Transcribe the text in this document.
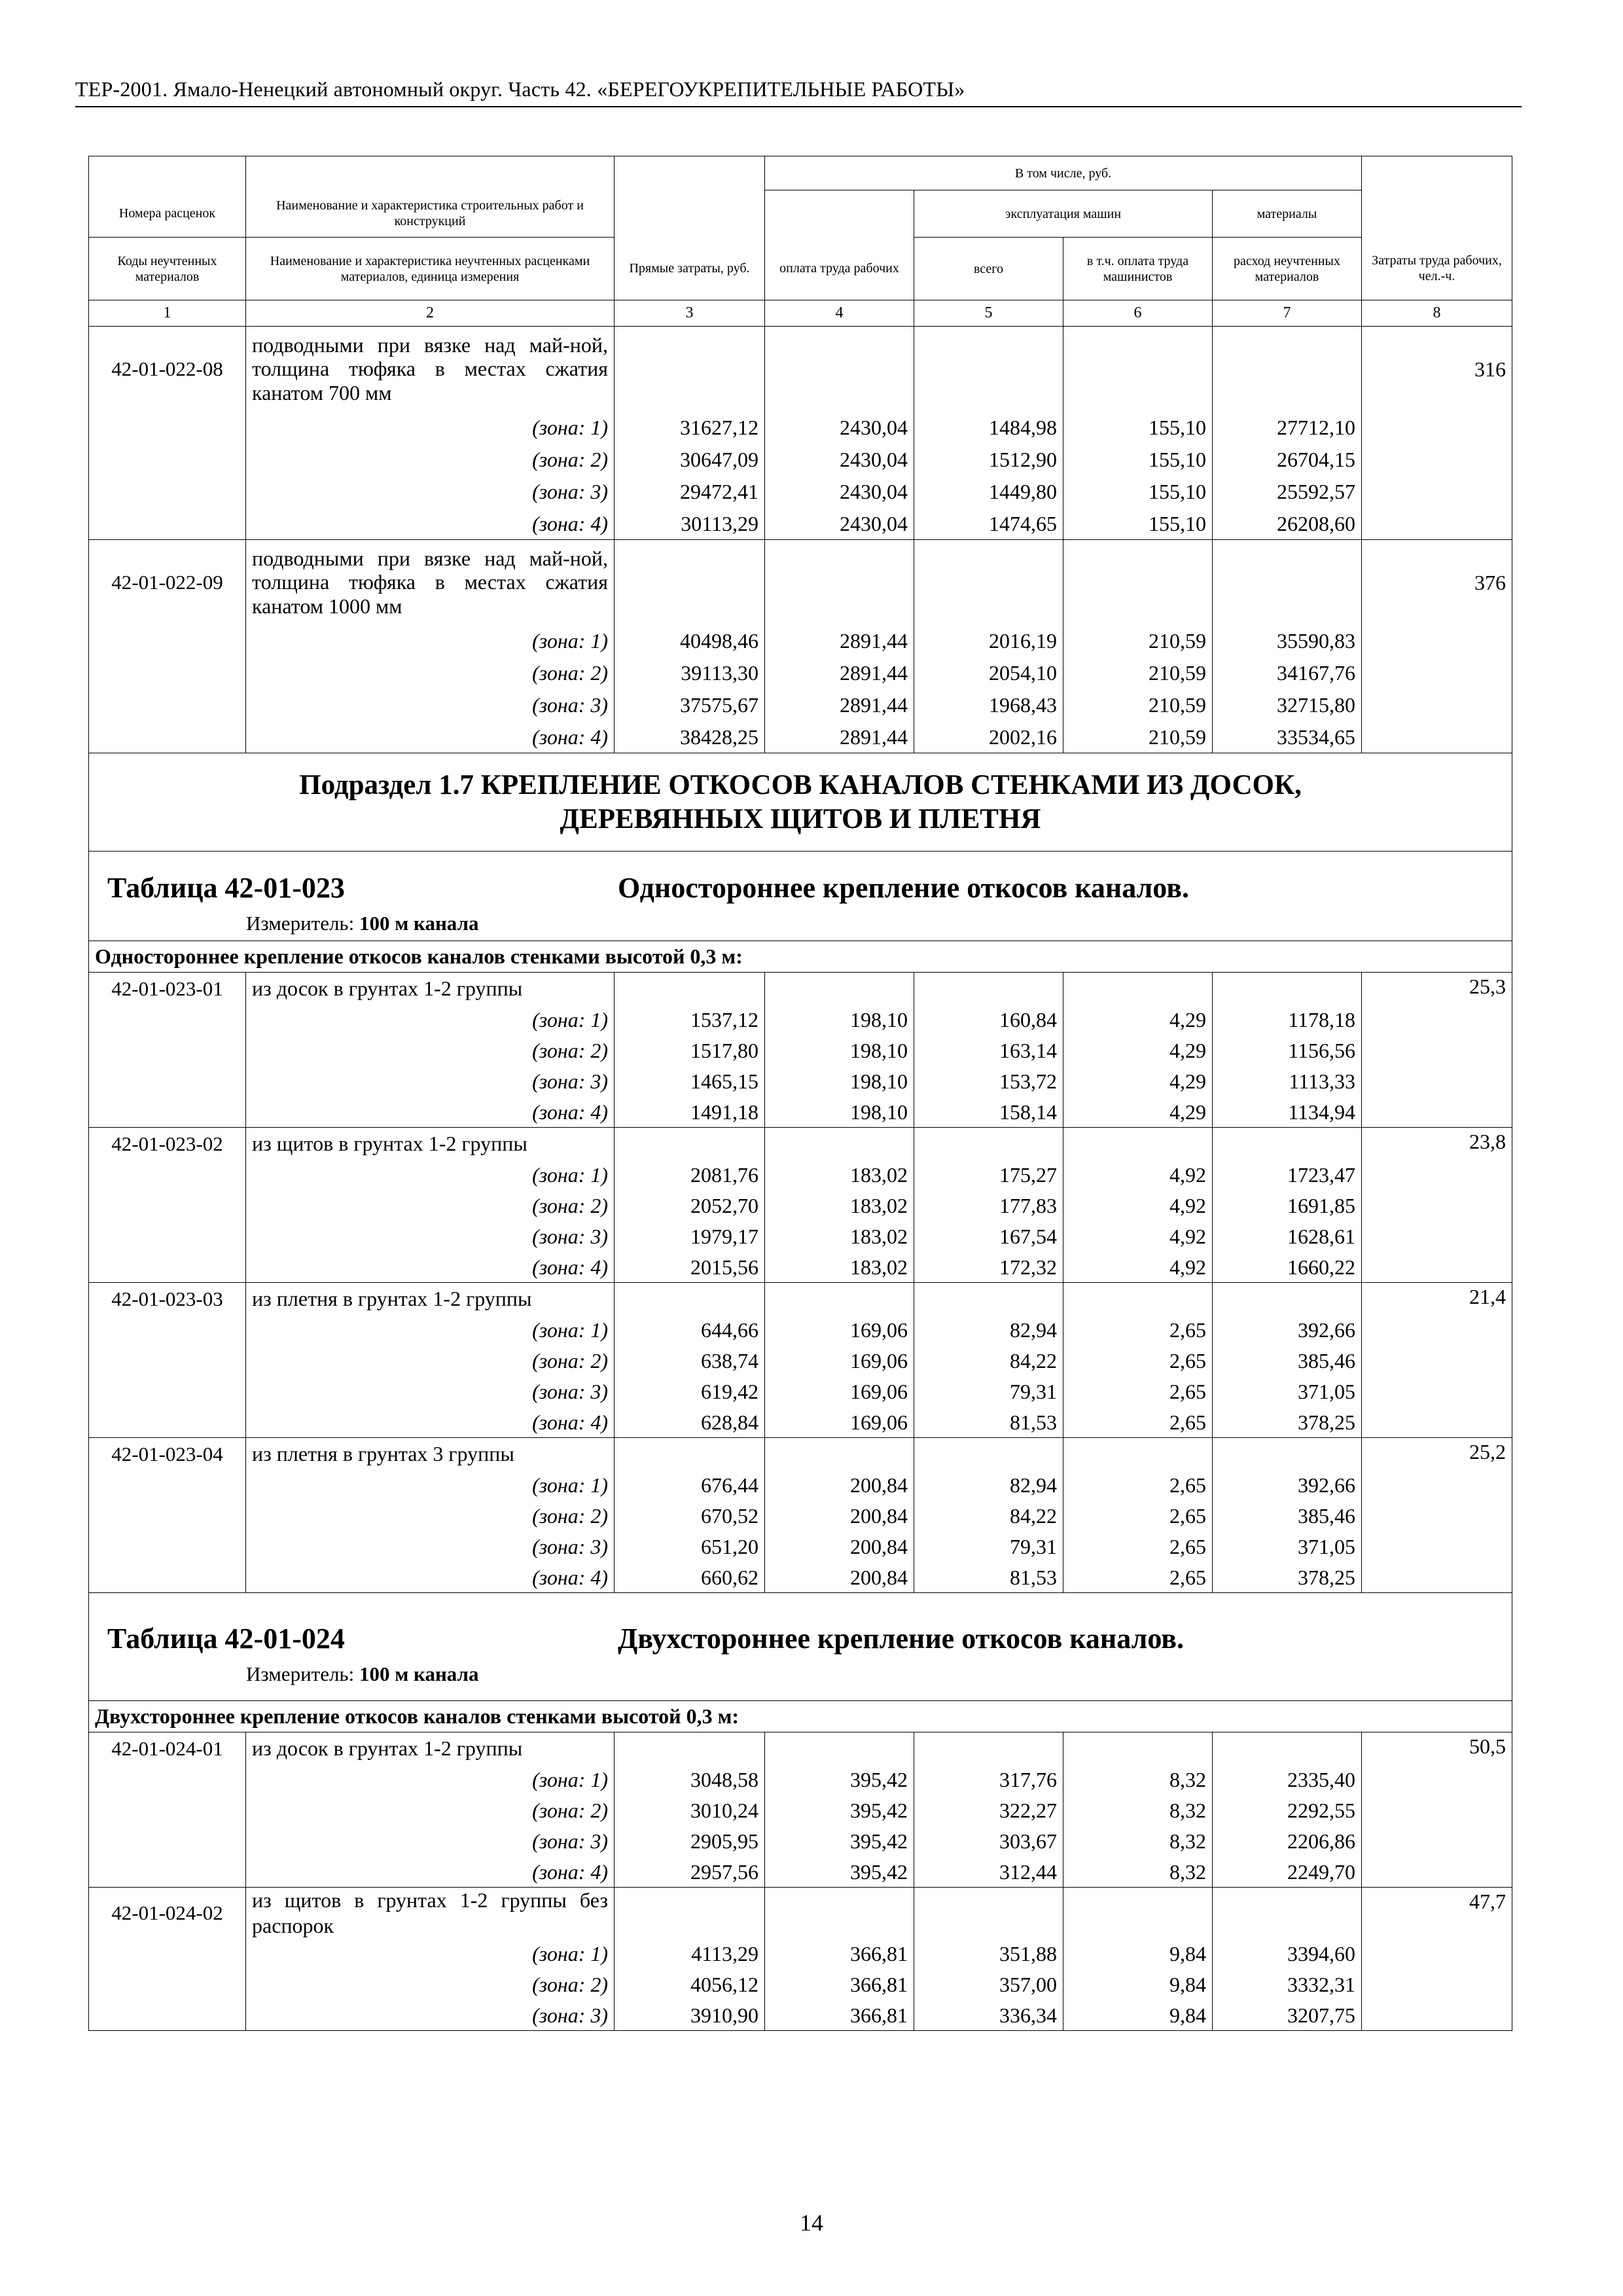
ТЕР-2001. Ямало-Ненецкий автономный округ. Часть 42. «БЕРЕГОУКРЕПИТЕЛЬНЫЕ РАБОТЫ»
			В том числе, руб.				
Номера расценок	Наименование и характеристика строительных работ и конструкций			эксплуатация машин		материалы	
Коды неучтенных материалов	Наименование и характеристика неучтенных расценками материалов, единица измерения	Прямые затраты, руб.	оплата труда рабочих	всего	в т.ч. оплата труда машинистов	расход неучтенных материалов	Затраты труда рабочих, чел.-ч.
1	2	3	4	5	6	7	8
42-01-022-08	подводными при вязке над май-ной, толщина тюфяка в местах сжатия канатом 700 мм						316
	(зона: 1)	31627,12	2430,04	1484,98	155,10	27712,10	
	(зона: 2)	30647,09	2430,04	1512,90	155,10	26704,15	
	(зона: 3)	29472,41	2430,04	1449,80	155,10	25592,57	
	(зона: 4)	30113,29	2430,04	1474,65	155,10	26208,60	
42-01-022-09	подводными при вязке над май-ной, толщина тюфяка в местах сжатия канатом 1000 мм						376
	(зона: 1)	40498,46	2891,44	2016,19	210,59	35590,83	
	(зона: 2)	39113,30	2891,44	2054,10	210,59	34167,76	
	(зона: 3)	37575,67	2891,44	1968,43	210,59	32715,80	
	(зона: 4)	38428,25	2891,44	2002,16	210,59	33534,65	

Подраздел 1.7 КРЕПЛЕНИЕ ОТКОСОВ КАНАЛОВ СТЕНКАМИ ИЗ ДОСОК,
ДЕРЕВЯННЫХ ЩИТОВ И ПЛЕТНЯ							

Таблица 42-01-023 Одностороннее крепление откосов каналов.
Измеритель: 100 м канала							

Одностороннее крепление откосов каналов стенками высотой 0,3 м:							
42-01-023-01	из досок в грунтах 1-2 группы						25,3
	(зона: 1)	1537,12	198,10	160,84	4,29	1178,18	
	(зона: 2)	1517,80	198,10	163,14	4,29	1156,56	
	(зона: 3)	1465,15	198,10	153,72	4,29	1113,33	
	(зона: 4)	1491,18	198,10	158,14	4,29	1134,94	
42-01-023-02	из щитов в грунтах 1-2 группы						23,8
	(зона: 1)	2081,76	183,02	175,27	4,92	1723,47	
	(зона: 2)	2052,70	183,02	177,83	4,92	1691,85	
	(зона: 3)	1979,17	183,02	167,54	4,92	1628,61	
	(зона: 4)	2015,56	183,02	172,32	4,92	1660,22	
42-01-023-03	из плетня в грунтах 1-2 группы						21,4
	(зона: 1)	644,66	169,06	82,94	2,65	392,66	
	(зона: 2)	638,74	169,06	84,22	2,65	385,46	
	(зона: 3)	619,42	169,06	79,31	2,65	371,05	
	(зона: 4)	628,84	169,06	81,53	2,65	378,25	
42-01-023-04	из плетня в грунтах 3 группы						25,2
	(зона: 1)	676,44	200,84	82,94	2,65	392,66	
	(зона: 2)	670,52	200,84	84,22	2,65	385,46	
	(зона: 3)	651,20	200,84	79,31	2,65	371,05	
	(зона: 4)	660,62	200,84	81,53	2,65	378,25	

Таблица 42-01-024 Двухстороннее крепление откосов каналов.
Измеритель: 100 м канала							

Двухстороннее крепление откосов каналов стенками высотой 0,3 м:							
42-01-024-01	из досок в грунтах 1-2 группы						50,5
	(зона: 1)	3048,58	395,42	317,76	8,32	2335,40	
	(зона: 2)	3010,24	395,42	322,27	8,32	2292,55	
	(зона: 3)	2905,95	395,42	303,67	8,32	2206,86	
	(зона: 4)	2957,56	395,42	312,44	8,32	2249,70	
42-01-024-02	из щитов в грунтах 1-2 группы без распорок						47,7
	(зона: 1)	4113,29	366,81	351,88	9,84	3394,60	
	(зона: 2)	4056,12	366,81	357,00	9,84	3332,31	
	(зона: 3)	3910,90	366,81	336,34	9,84	3207,75	
14
